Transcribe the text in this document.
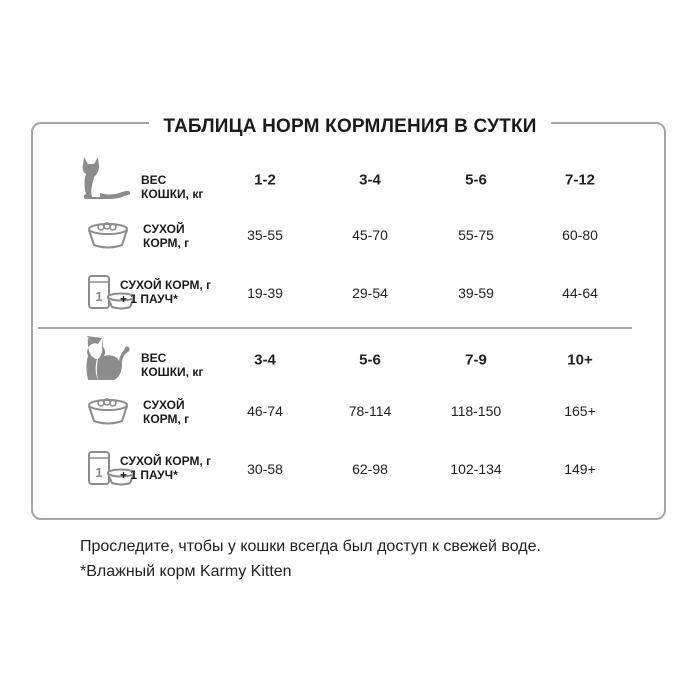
ТАБЛИЦА НОРМ КОРМЛЕНИЯ В СУТКИ
ВЕС
КОШКИ, кг
1-2	3-4	5-6	7-12
СУХОЙ
КОРМ, г	35-55	45-70	55-75	60-80
1
СУХОЙ КОРМ, г
+ 1 ПАУЧ*	19-39	29-54	39-59	44-64
ВЕС
КОШКИ, кг
3-4	5-6	7-9	10+
СУХОЙ
КОРМ, г	46-74	78-114	118-150	165+
1
СУХОЙ КОРМ, г
+ 1 ПАУЧ*	30-58	62-98	102-134	149+
Проследите, чтобы у кошки всегда был доступ к свежей воде.
*Влажный корм Karmy Kitten
